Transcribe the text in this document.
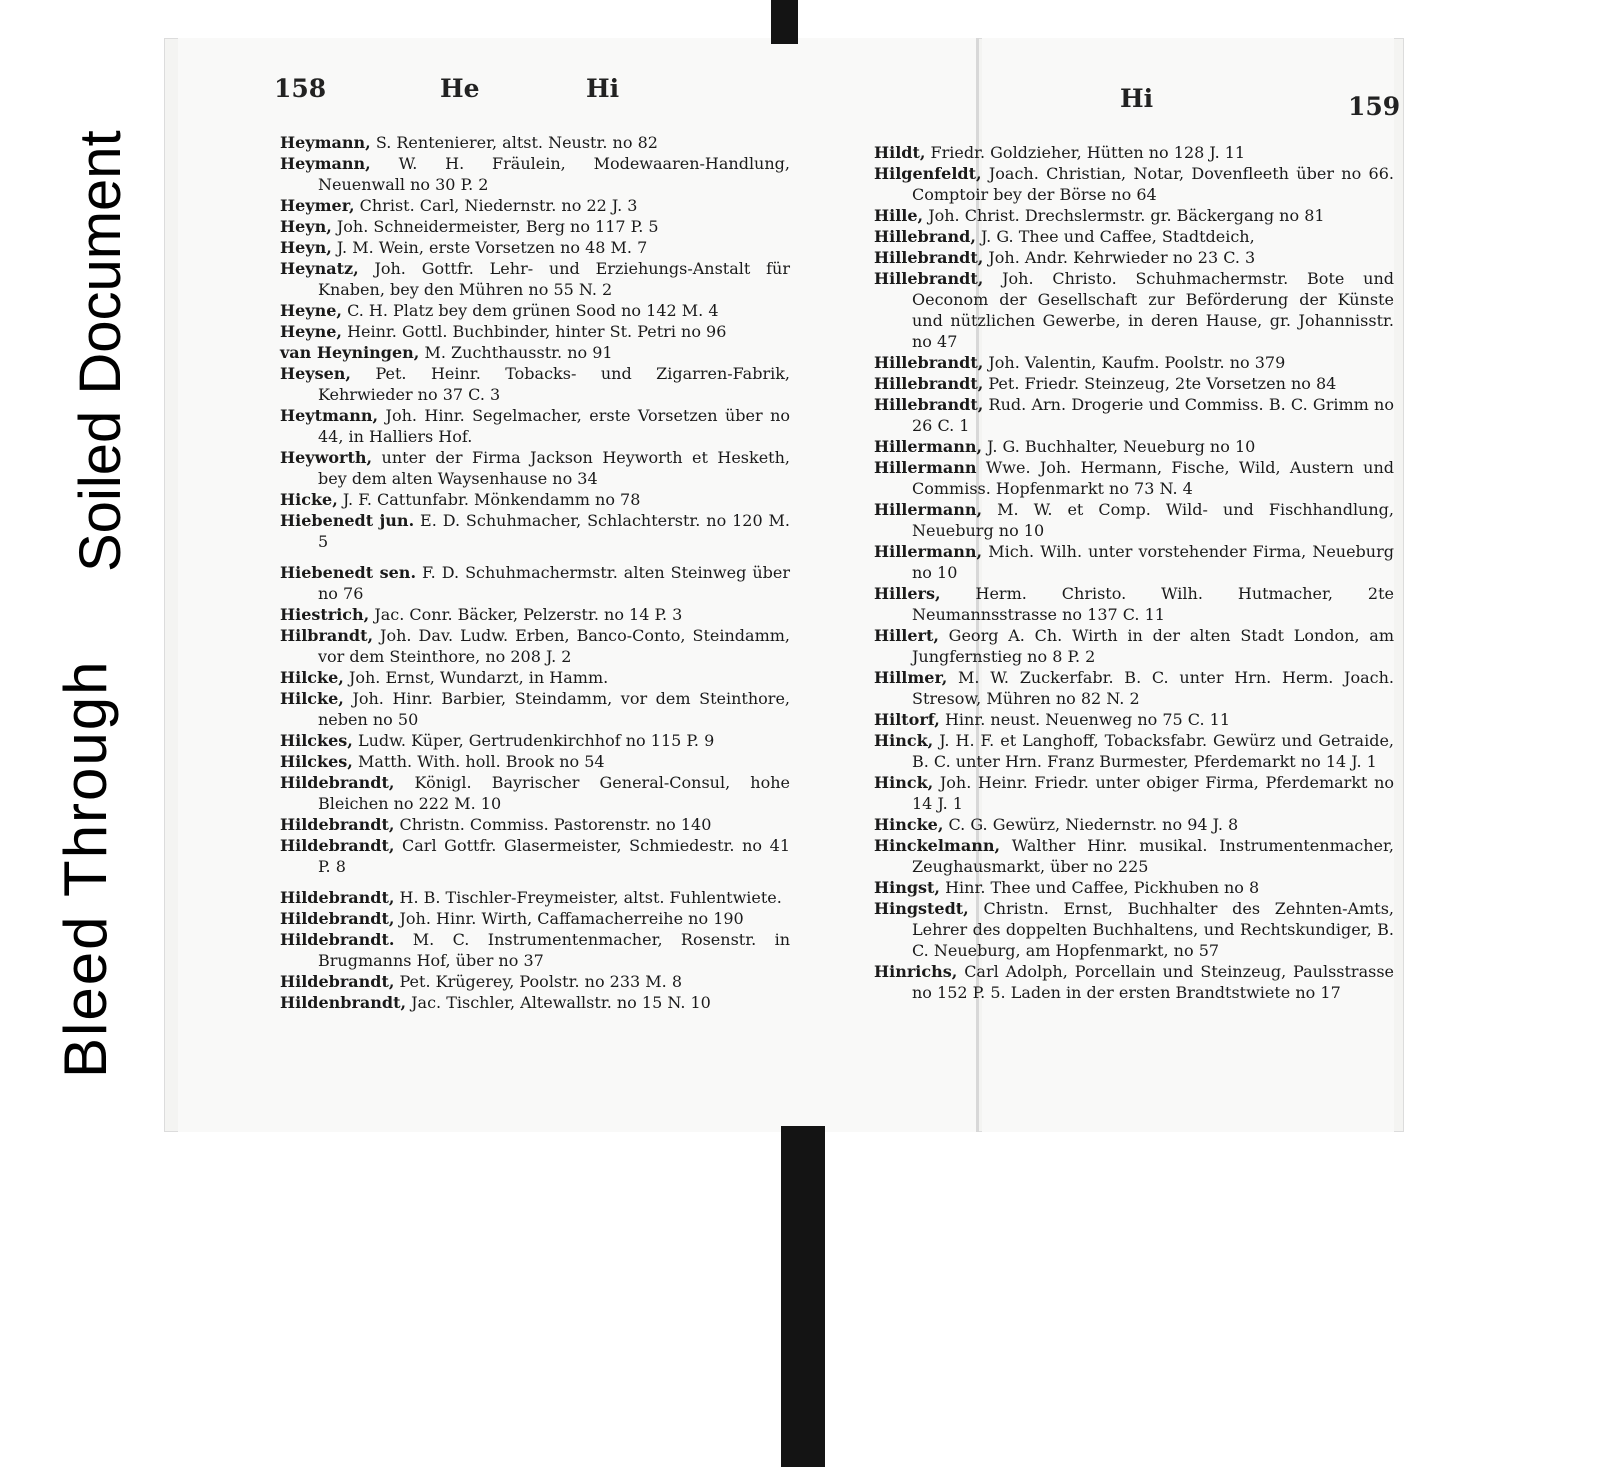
Soiled Document
Bleed Through
158	He	Hi	Hi	159
Heymann, S. Rentenierer, altst. Neustr. no 82
Heymann, W. H. Fräulein, Modewaaren-Handlung, Neuenwall no 30 P. 2
Heymer, Christ. Carl, Niedernstr. no 22 J. 3
Heyn, Joh. Schneidermeister, Berg no 117 P. 5
Heyn, J. M. Wein, erste Vorsetzen no 48 M. 7
Heynatz, Joh. Gottfr. Lehr- und Erziehungs-Anstalt für Knaben, bey den Mühren no 55 N. 2
Heyne, C. H. Platz bey dem grünen Sood no 142 M. 4
Heyne, Heinr. Gottl. Buchbinder, hinter St. Petri no 96
van Heyningen, M. Zuchthausstr. no 91
Heysen, Pet. Heinr. Tobacks- und Zigarren-Fabrik, Kehrwieder no 37 C. 3
Heytmann, Joh. Hinr. Segelmacher, erste Vorsetzen über no 44, in Halliers Hof.
Heyworth, unter der Firma Jackson Heyworth et Hesketh, bey dem alten Waysenhause no 34
Hicke, J. F. Cattunfabr. Mönkendamm no 78
Hiebenedt jun. E. D. Schuhmacher, Schlachterstr. no 120 M. 5
Hiebenedt sen. F. D. Schuhmachermstr. alten Steinweg über no 76
Hiestrich, Jac. Conr. Bäcker, Pelzerstr. no 14 P. 3
Hilbrandt, Joh. Dav. Ludw. Erben, Banco-Conto, Steindamm, vor dem Steinthore, no 208 J. 2
Hilcke, Joh. Ernst, Wundarzt, in Hamm.
Hilcke, Joh. Hinr. Barbier, Steindamm, vor dem Steinthore, neben no 50
Hilckes, Ludw. Küper, Gertrudenkirchhof no 115 P. 9
Hilckes, Matth. With. holl. Brook no 54
Hildebrandt, Königl. Bayrischer General-Consul, hohe Bleichen no 222 M. 10
Hildebrandt, Christn. Commiss. Pastorenstr. no 140
Hildebrandt, Carl Gottfr. Glasermeister, Schmiedestr. no 41 P. 8
Hildebrandt, H. B. Tischler-Freymeister, altst. Fuhlentwiete.
Hildebrandt, Joh. Hinr. Wirth, Caffamacherreihe no 190
Hildebrandt. M. C. Instrumentenmacher, Rosenstr. in Brugmanns Hof, über no 37
Hildebrandt, Pet. Krügerey, Poolstr. no 233 M. 8
Hildenbrandt, Jac. Tischler, Altewallstr. no 15 N. 10
Hildt, Friedr. Goldzieher, Hütten no 128 J. 11
Hilgenfeldt, Joach. Christian, Notar, Dovenfleeth über no 66. Comptoir bey der Börse no 64
Hille, Joh. Christ. Drechslermstr. gr. Bäckergang no 81
Hillebrand, J. G. Thee und Caffee, Stadtdeich,
Hillebrandt, Joh. Andr. Kehrwieder no 23 C. 3
Hillebrandt, Joh. Christo. Schuhmachermstr. Bote und Oeconom der Gesellschaft zur Beförderung der Künste und nützlichen Gewerbe, in deren Hause, gr. Johannisstr. no 47
Hillebrandt, Joh. Valentin, Kaufm. Poolstr. no 379
Hillebrandt, Pet. Friedr. Steinzeug, 2te Vorsetzen no 84
Hillebrandt, Rud. Arn. Drogerie und Commiss. B. C. Grimm no 26 C. 1
Hillermann, J. G. Buchhalter, Neueburg no 10
Hillermann Wwe. Joh. Hermann, Fische, Wild, Austern und Commiss. Hopfenmarkt no 73 N. 4
Hillermann, M. W. et Comp. Wild- und Fischhandlung, Neueburg no 10
Hillermann, Mich. Wilh. unter vorstehender Firma, Neueburg no 10
Hillers, Herm. Christo. Wilh. Hutmacher, 2te Neumannsstrasse no 137 C. 11
Hillert, Georg A. Ch. Wirth in der alten Stadt London, am Jungfernstieg no 8 P. 2
Hillmer, M. W. Zuckerfabr. B. C. unter Hrn. Herm. Joach. Stresow, Mühren no 82 N. 2
Hiltorf, Hinr. neust. Neuenweg no 75 C. 11
Hinck, J. H. F. et Langhoff, Tobacksfabr. Gewürz und Getraide, B. C. unter Hrn. Franz Burmester, Pferdemarkt no 14 J. 1
Hinck, Joh. Heinr. Friedr. unter obiger Firma, Pferdemarkt no 14 J. 1
Hincke, C. G. Gewürz, Niedernstr. no 94 J. 8
Hinckelmann, Walther Hinr. musikal. Instrumentenmacher, Zeughausmarkt, über no 225
Hingst, Hinr. Thee und Caffee, Pickhuben no 8
Hingstedt, Christn. Ernst, Buchhalter des Zehnten-Amts, Lehrer des doppelten Buchhaltens, und Rechtskundiger, B. C. Neueburg, am Hopfenmarkt, no 57
Hinrichs, Carl Adolph, Porcellain und Steinzeug, Paulsstrasse no 152 P. 5. Laden in der ersten Brandtstwiete no 17
